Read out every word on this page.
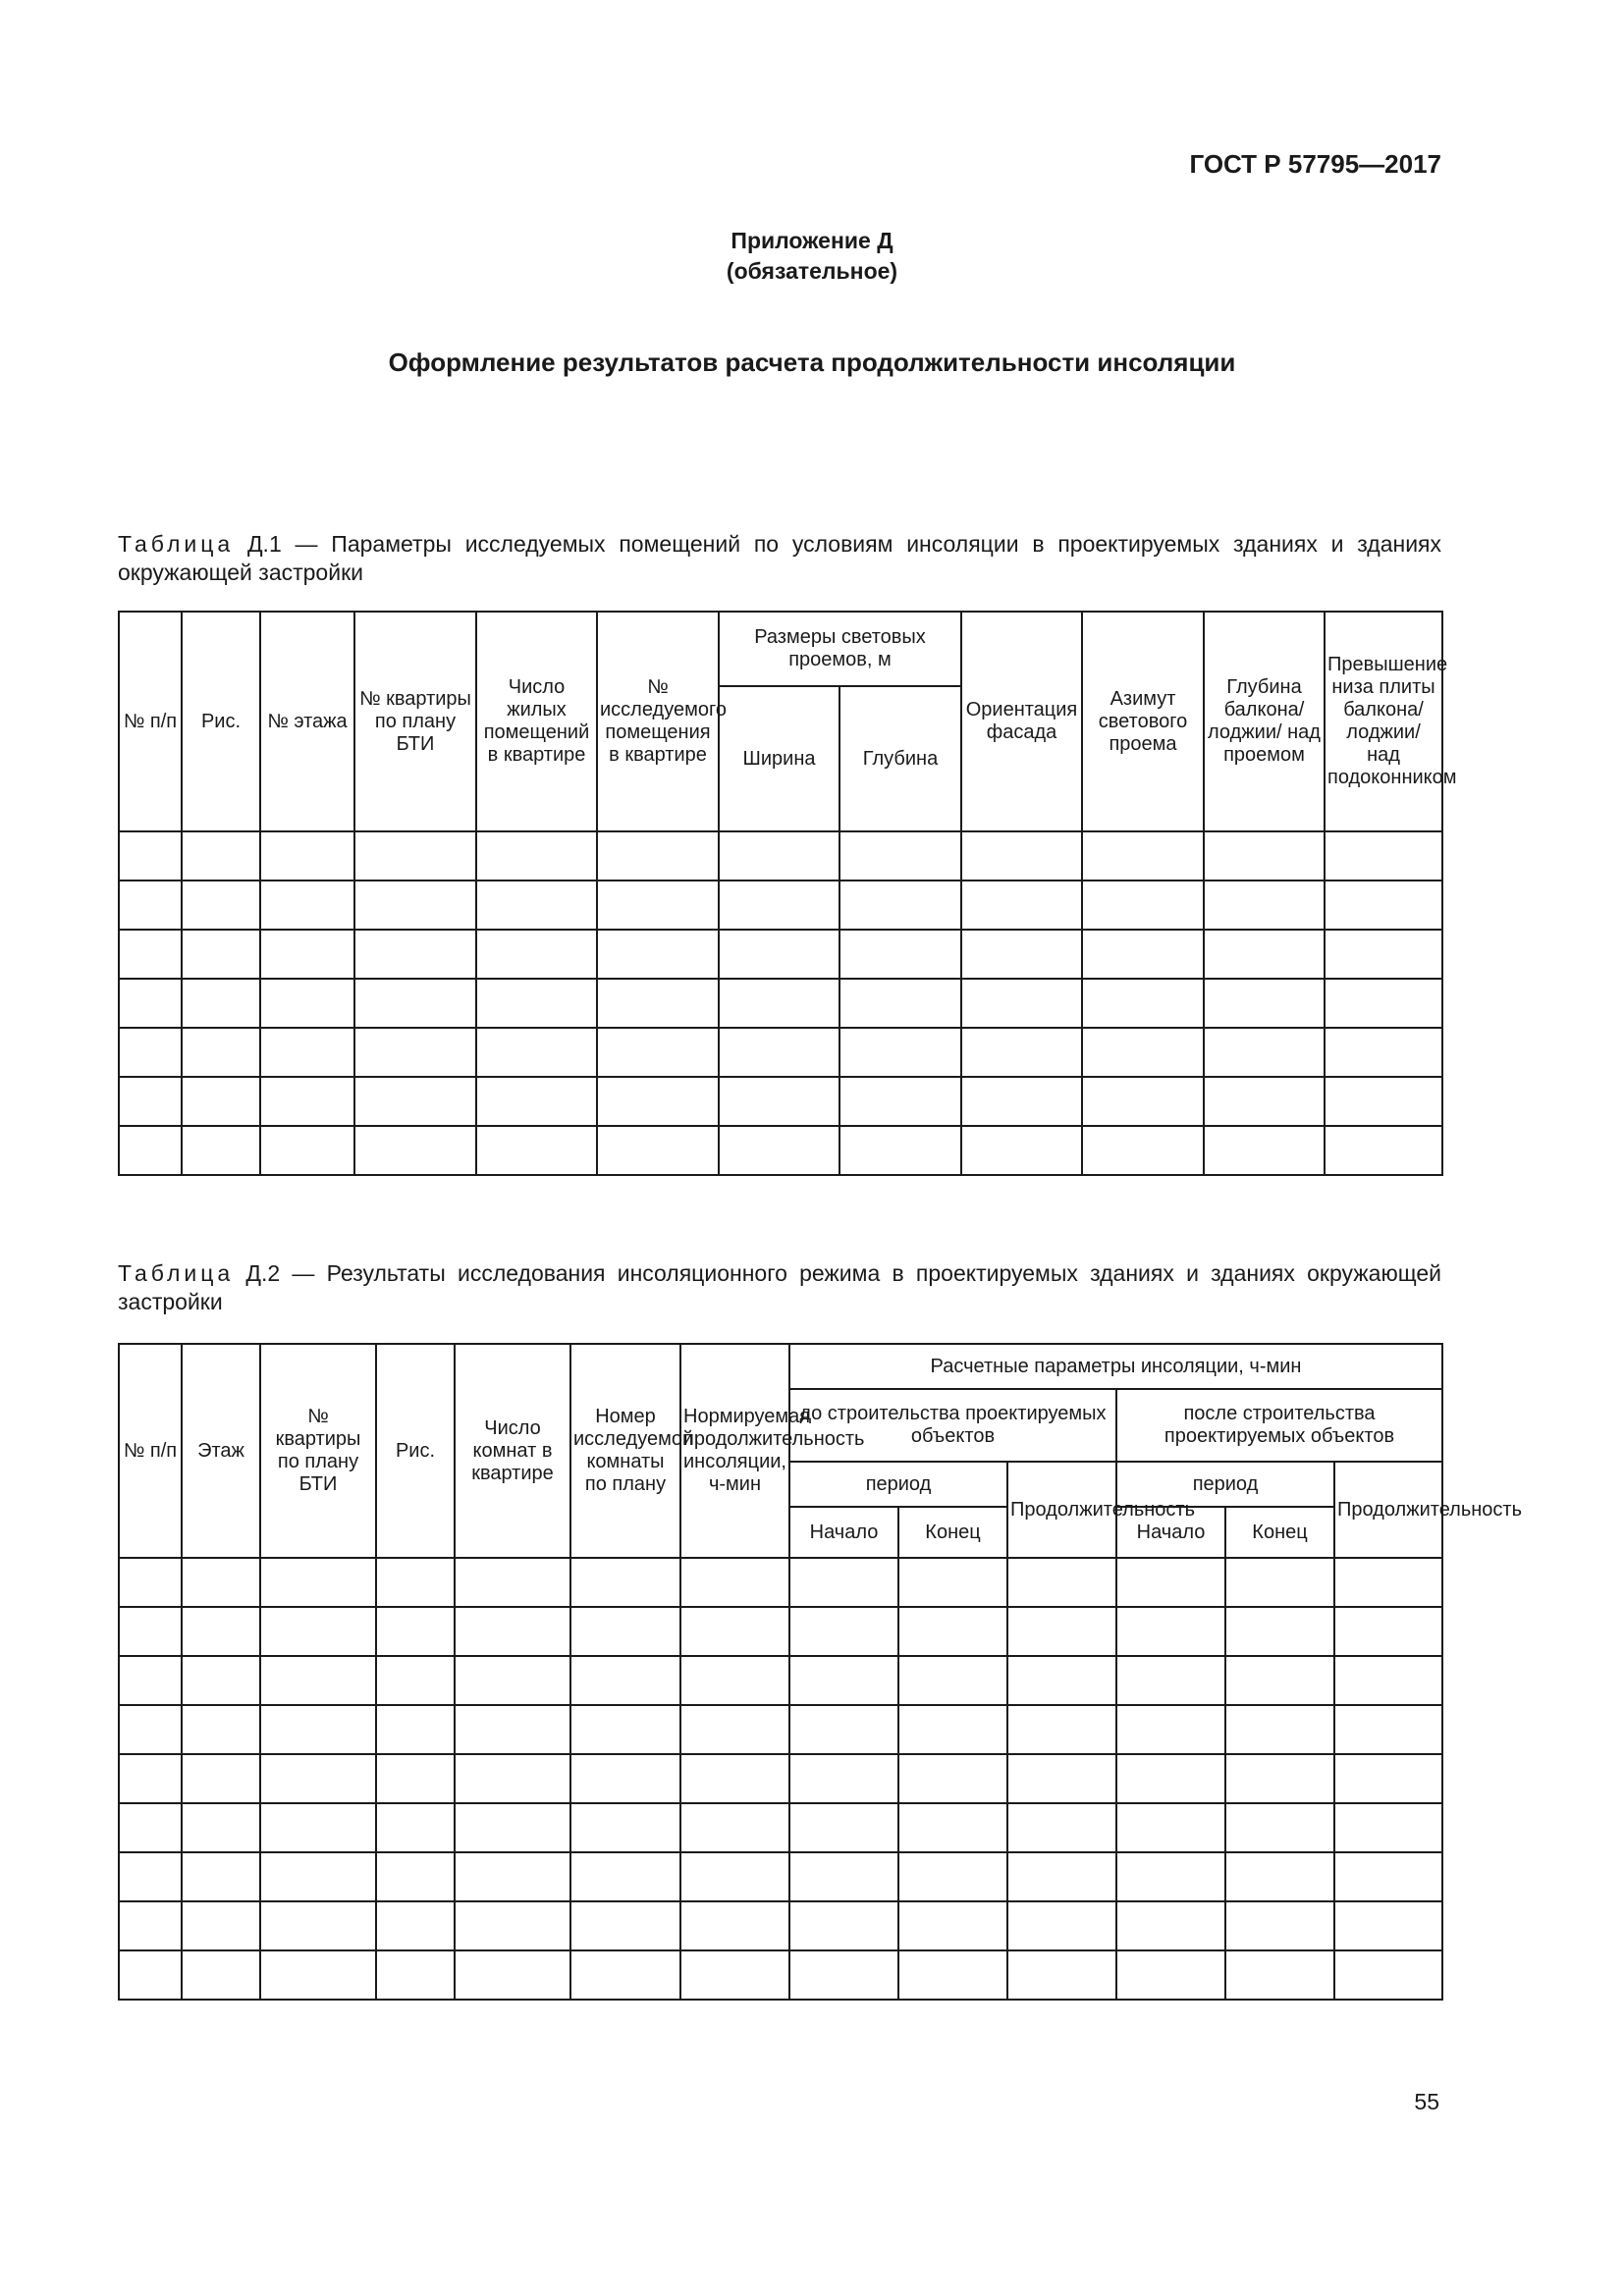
ГОСТ Р 57795—2017
Приложение Д
(обязательное)
Оформление результатов расчета продолжительности инсоляции
Таблица Д.1 — Параметры исследуемых помещений по условиям инсоляции в проектируемых зданиях и зданиях окружающей застройки
№ п/п	Рис.	№ этажа	№ квартиры по плану БТИ	Число жилых помещений в квартире	№ исследуемого помещения в квартире	Размеры световых проемов, м		Ориентация фасада	Азимут светового проема	Глубина балкона/ лоджии/ над проемом	Превышение низа плиты балкона/ лоджии/ над подоконником
						Ширина	Глубина				

Таблица Д.2 — Результаты исследования инсоляционного режима в проектируемых зданиях и зданиях окружающей застройки
№ п/п	Этаж	№ квартиры по плану БТИ	Рис.	Число комнат в квартире	Номер исследуемой комнаты по плану	Нормируемая продолжительность инсоляции, ч-мин	Расчетные параметры инсоляции, ч-мин					
							до строительства проектируемых объектов			после строительства проектируемых объектов		
							период		Продолжительность	период		Продолжительность
							Начало	Конец		Начало	Конец	

55
